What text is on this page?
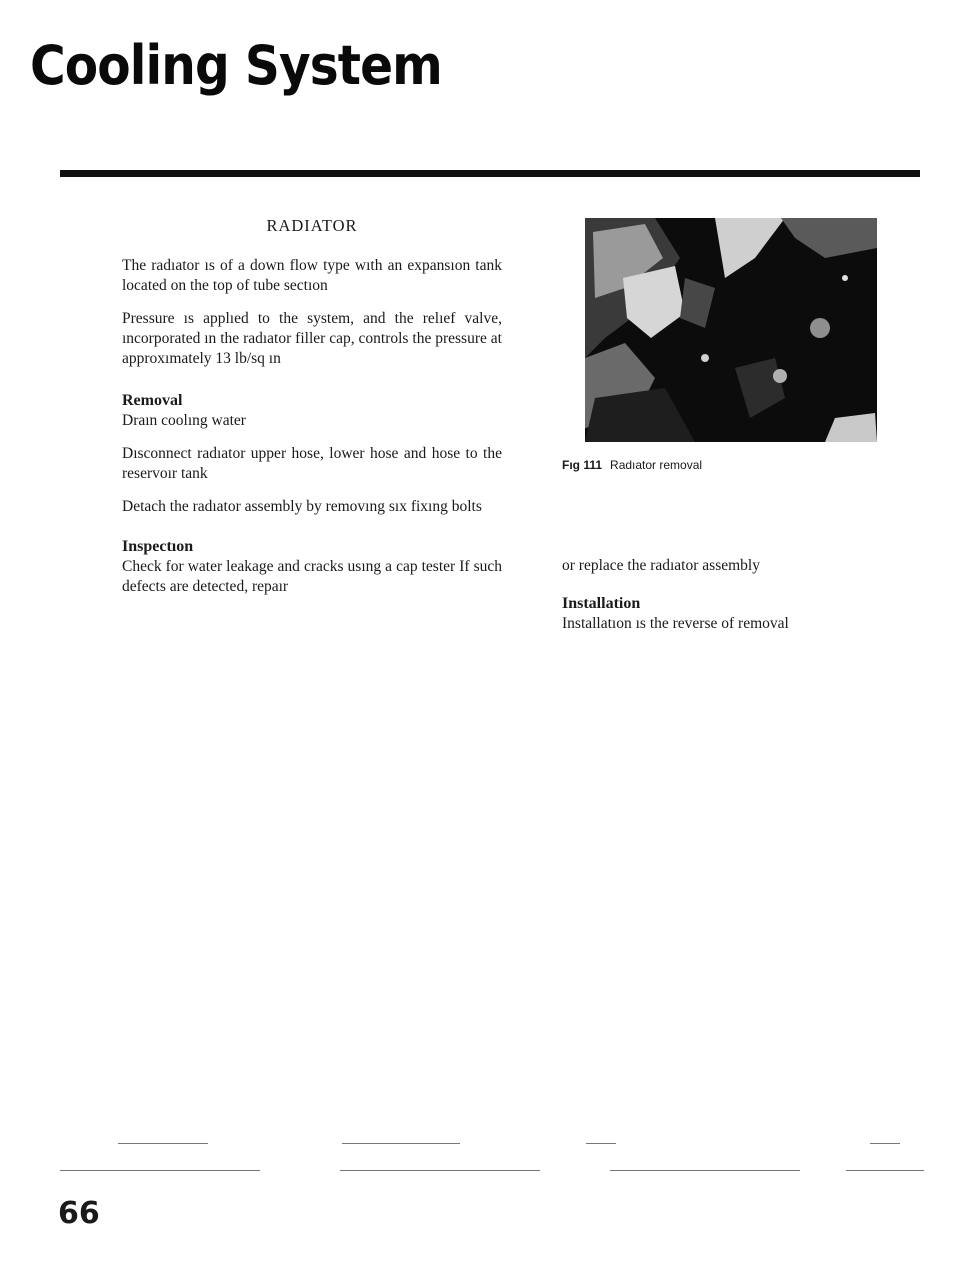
Cooling System
RADIATOR

The radıator ıs of a down flow type wıth an expansıon tank located on the top of tube sectıon

Pressure ıs applıed to the system, and the relıef valve, ıncorporated ın the radıator filler cap, controls the pressure at approxımately 13 lb/sq ın

Removal

Draın coolıng water

Dısconnect radıator upper hose, lower hose and hose to the reservoır tank

Detach the radıator assembly by removıng sıx fixıng bolts

Inspectıon

Check for water leakage and cracks usıng a cap tester If such defects are detected, repaır

Fıg 111 Radıator removal
or replace the radıator assembly
Installation
Installatıon ıs the reverse of removal
66
